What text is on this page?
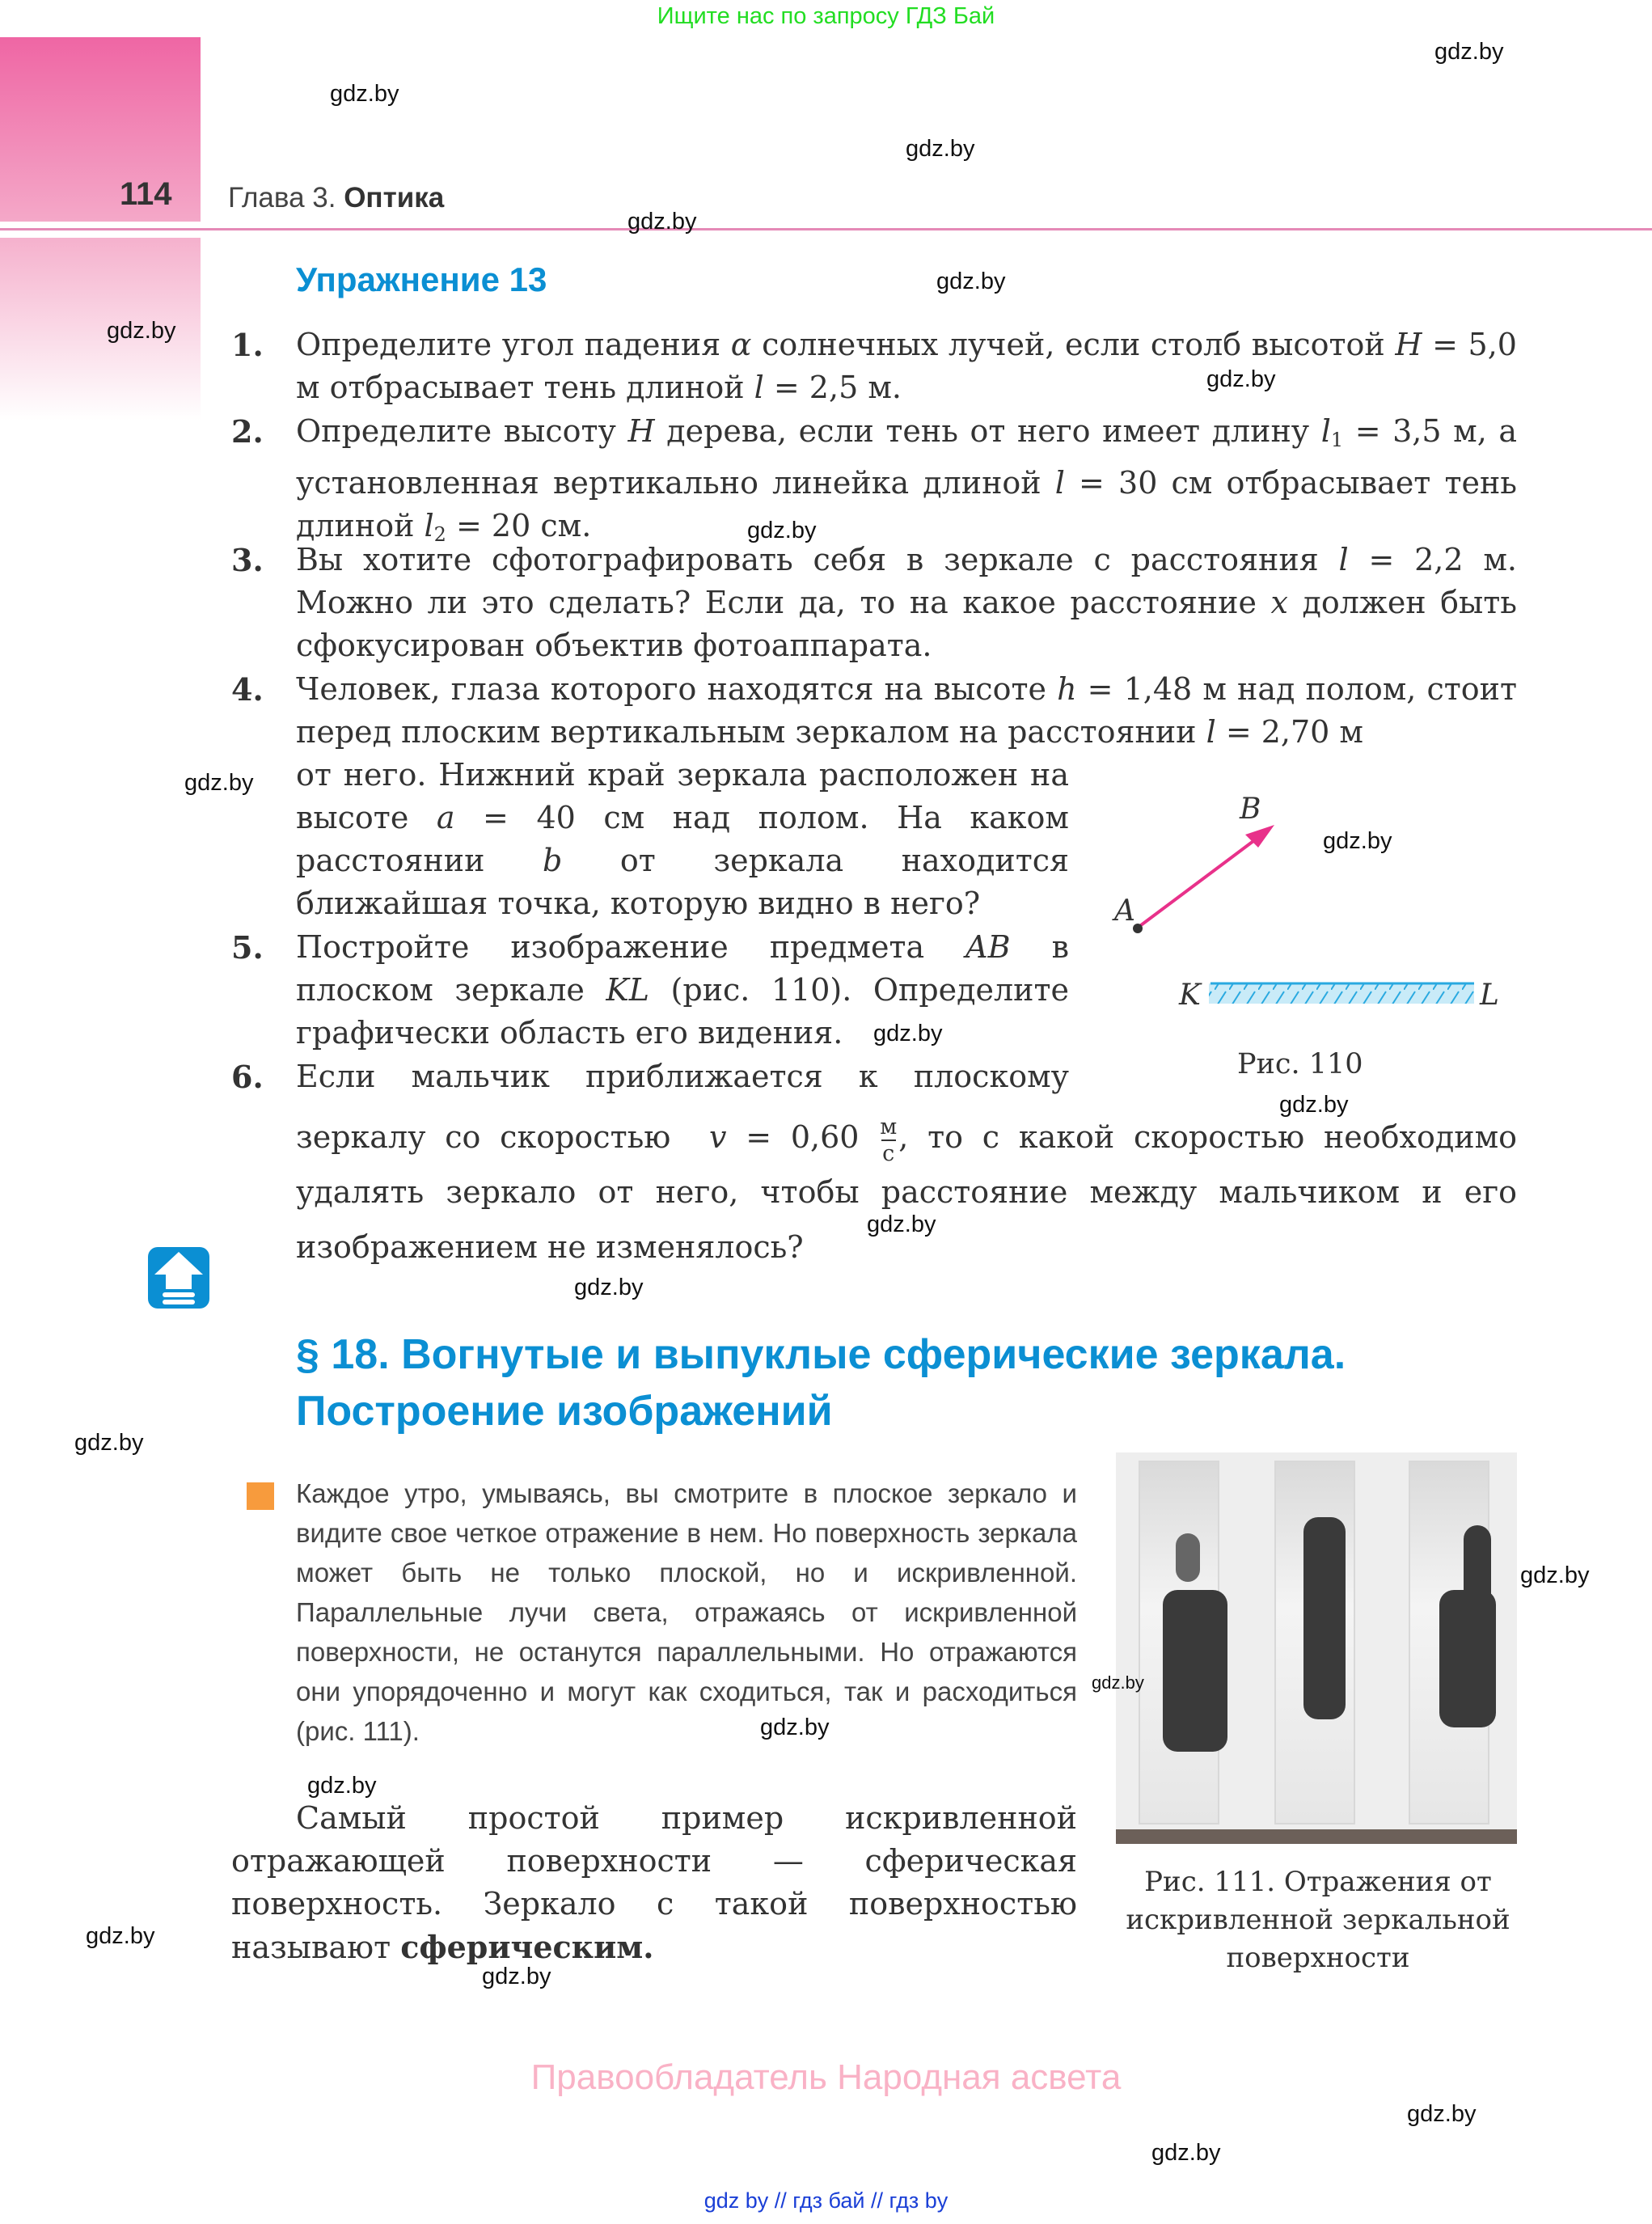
Ищите нас по запросу ГДЗ Бай
114 Глава 3. Оптика
Упражнение 13
1. Определите угол падения α солнечных лучей, если столб высотой H = 5,0 м отбрасывает тень длиной l = 2,5 м.
2. Определите высоту H дерева, если тень от него имеет длину $l_1 = 3,5$ м, а установленная вертикально линейка длиной l = 30 см отбрасывает тень длиной $l_2 = 20$ см.
3. Вы хотите сфотографировать себя в зеркале с расстояния l = 2,2 м. Можно ли это сделать? Если да, то на какое расстояние x должен быть сфокусирован объектив фотоаппарата.
4. Человек, глаза которого находятся на высоте h = 1,48 м над полом, стоит перед плоским вертикальным зеркалом на расстоянии l = 2,70 м
от него. Нижний край зеркала расположен на высоте a = 40 см над полом. На каком расстоянии b от зеркала находится ближайшая точка, которую видно в него?
5. Постройте изображение предмета AB в плоском зеркале KL (рис. 110). Определите графически область его видения.
6. Если мальчик приближается к плоскому
зеркалу со скоростью  $v = 0,60 \frac{м}{с}$ , то с какой скоростью необходимо удалять зеркало от него, чтобы расстояние между мальчиком и его изображением не изменялось?
A
B
K	L
Рис. 110
§ 18. Вогнутые и выпуклые сферические зеркала.
Построение изображений
Каждое утро, умываясь, вы смотрите в плоское зеркало и видите свое четкое отражение в нем. Но поверхность зеркала может быть не только плоской, но и искривленной. Параллельные лучи света, отражаясь от искривленной поверхности, не останутся параллельными. Но отражаются они упорядоченно и могут как сходиться, так и расходиться (рис. 111).
Рис. 111. Отражения от
искривленной зеркальной
поверхности
Самый простой пример искривленной отражающей поверхности — сферическая поверхность. Зеркало с такой поверхностью называют сферическим.
Правообладатель Народная асвета
gdz by // гдз бай // гдз by
gdz.by
gdz.by
gdz.by
gdz.by
gdz.by
gdz.by
gdz.by
gdz.by
gdz.by
gdz.by
gdz.by
gdz.by
gdz.by
gdz.by
gdz.by
gdz.by
gdz.by
gdz.by
gdz.by
gdz.by
gdz.by
gdz.by
gdz.by
